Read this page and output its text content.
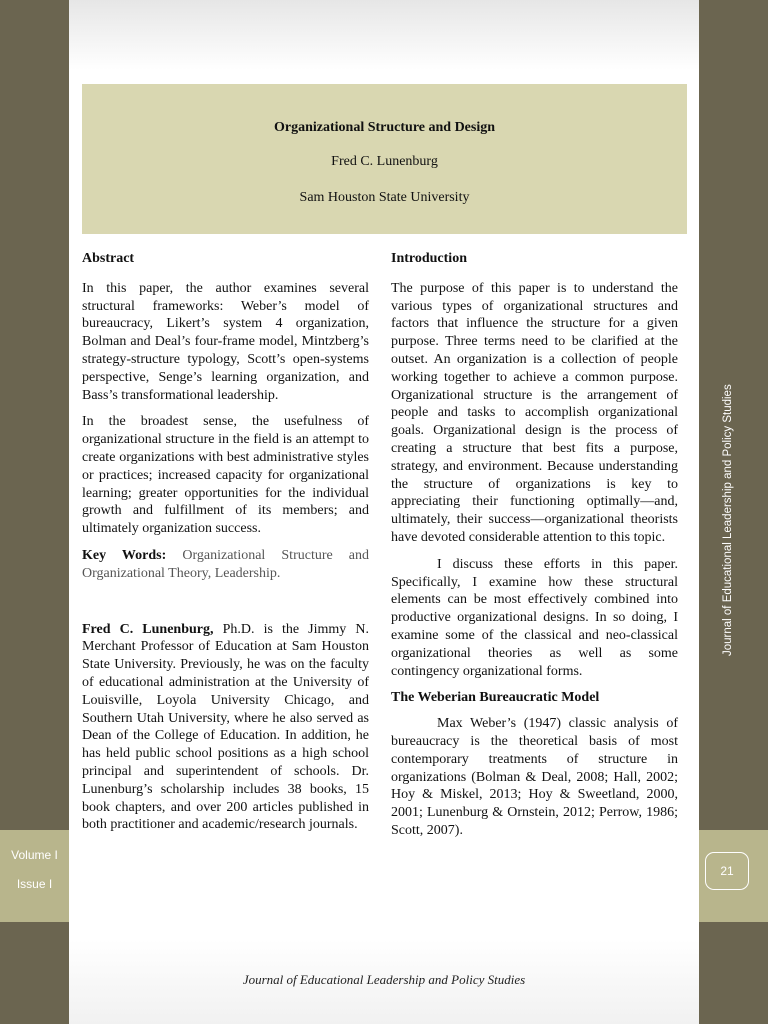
Organizational Structure and Design
Fred C. Lunenburg
Sam Houston State University
Abstract

In this paper, the author examines several structural frameworks: Weber’s model of bureaucracy, Likert’s system 4 organization, Bolman and Deal’s four-frame model, Mintzberg’s strategy-structure typology, Scott’s open-systems perspective, Senge’s learning organization, and Bass’s transformational leadership.

In the broadest sense, the usefulness of organizational structure in the field is an attempt to create organizations with best administrative styles or practices; increased capacity for organizational learning; greater opportunities for the individual growth and fulfillment of its members; and ultimately organization success.

Key Words: Organizational Structure and Organizational Theory, Leadership.

Fred C. Lunenburg, Ph.D. is the Jimmy N. Merchant Professor of Education at Sam Houston State University. Previously, he was on the faculty of educational administration at the University of Louisville, Loyola University Chicago, and Southern Utah University, where he also served as Dean of the College of Education. In addition, he has held public school positions as a high school principal and superintendent of schools. Dr. Lunenburg’s scholarship includes 38 books, 15 book chapters, and over 200 articles published in both practitioner and academic/research journals.

Introduction

The purpose of this paper is to understand the various types of organizational structures and factors that influence the structure for a given purpose. Three terms need to be clarified at the outset. An organization is a collection of people working together to achieve a common purpose. Organizational structure is the arrangement of people and tasks to accomplish organizational goals. Organizational design is the process of creating a structure that best fits a purpose, strategy, and environment. Because understanding the structure of organizations is key to appreciating their functioning optimally—and, ultimately, their success—organizational theorists have devoted considerable attention to this topic.

I discuss these efforts in this paper. Specifically, I examine how these structural elements can be most effectively combined into productive organizational designs. In so doing, I examine some of the classical and neo-classical organizational theories as well as some contingency organizational forms.

The Weberian Bureaucratic Model

Max Weber’s (1947) classic analysis of bureaucracy is the theoretical basis of most contemporary treatments of structure in organizations (Bolman & Deal, 2008; Hall, 2002; Hoy & Miskel, 2013; Hoy & Sweetland, 2000, 2001; Lunenburg & Ornstein, 2012; Perrow, 1986; Scott, 2007).

Journal of Educational Leadership and Policy Studies
Volume I
Issue I
21
Journal of Educational Leadership and Policy Studies
